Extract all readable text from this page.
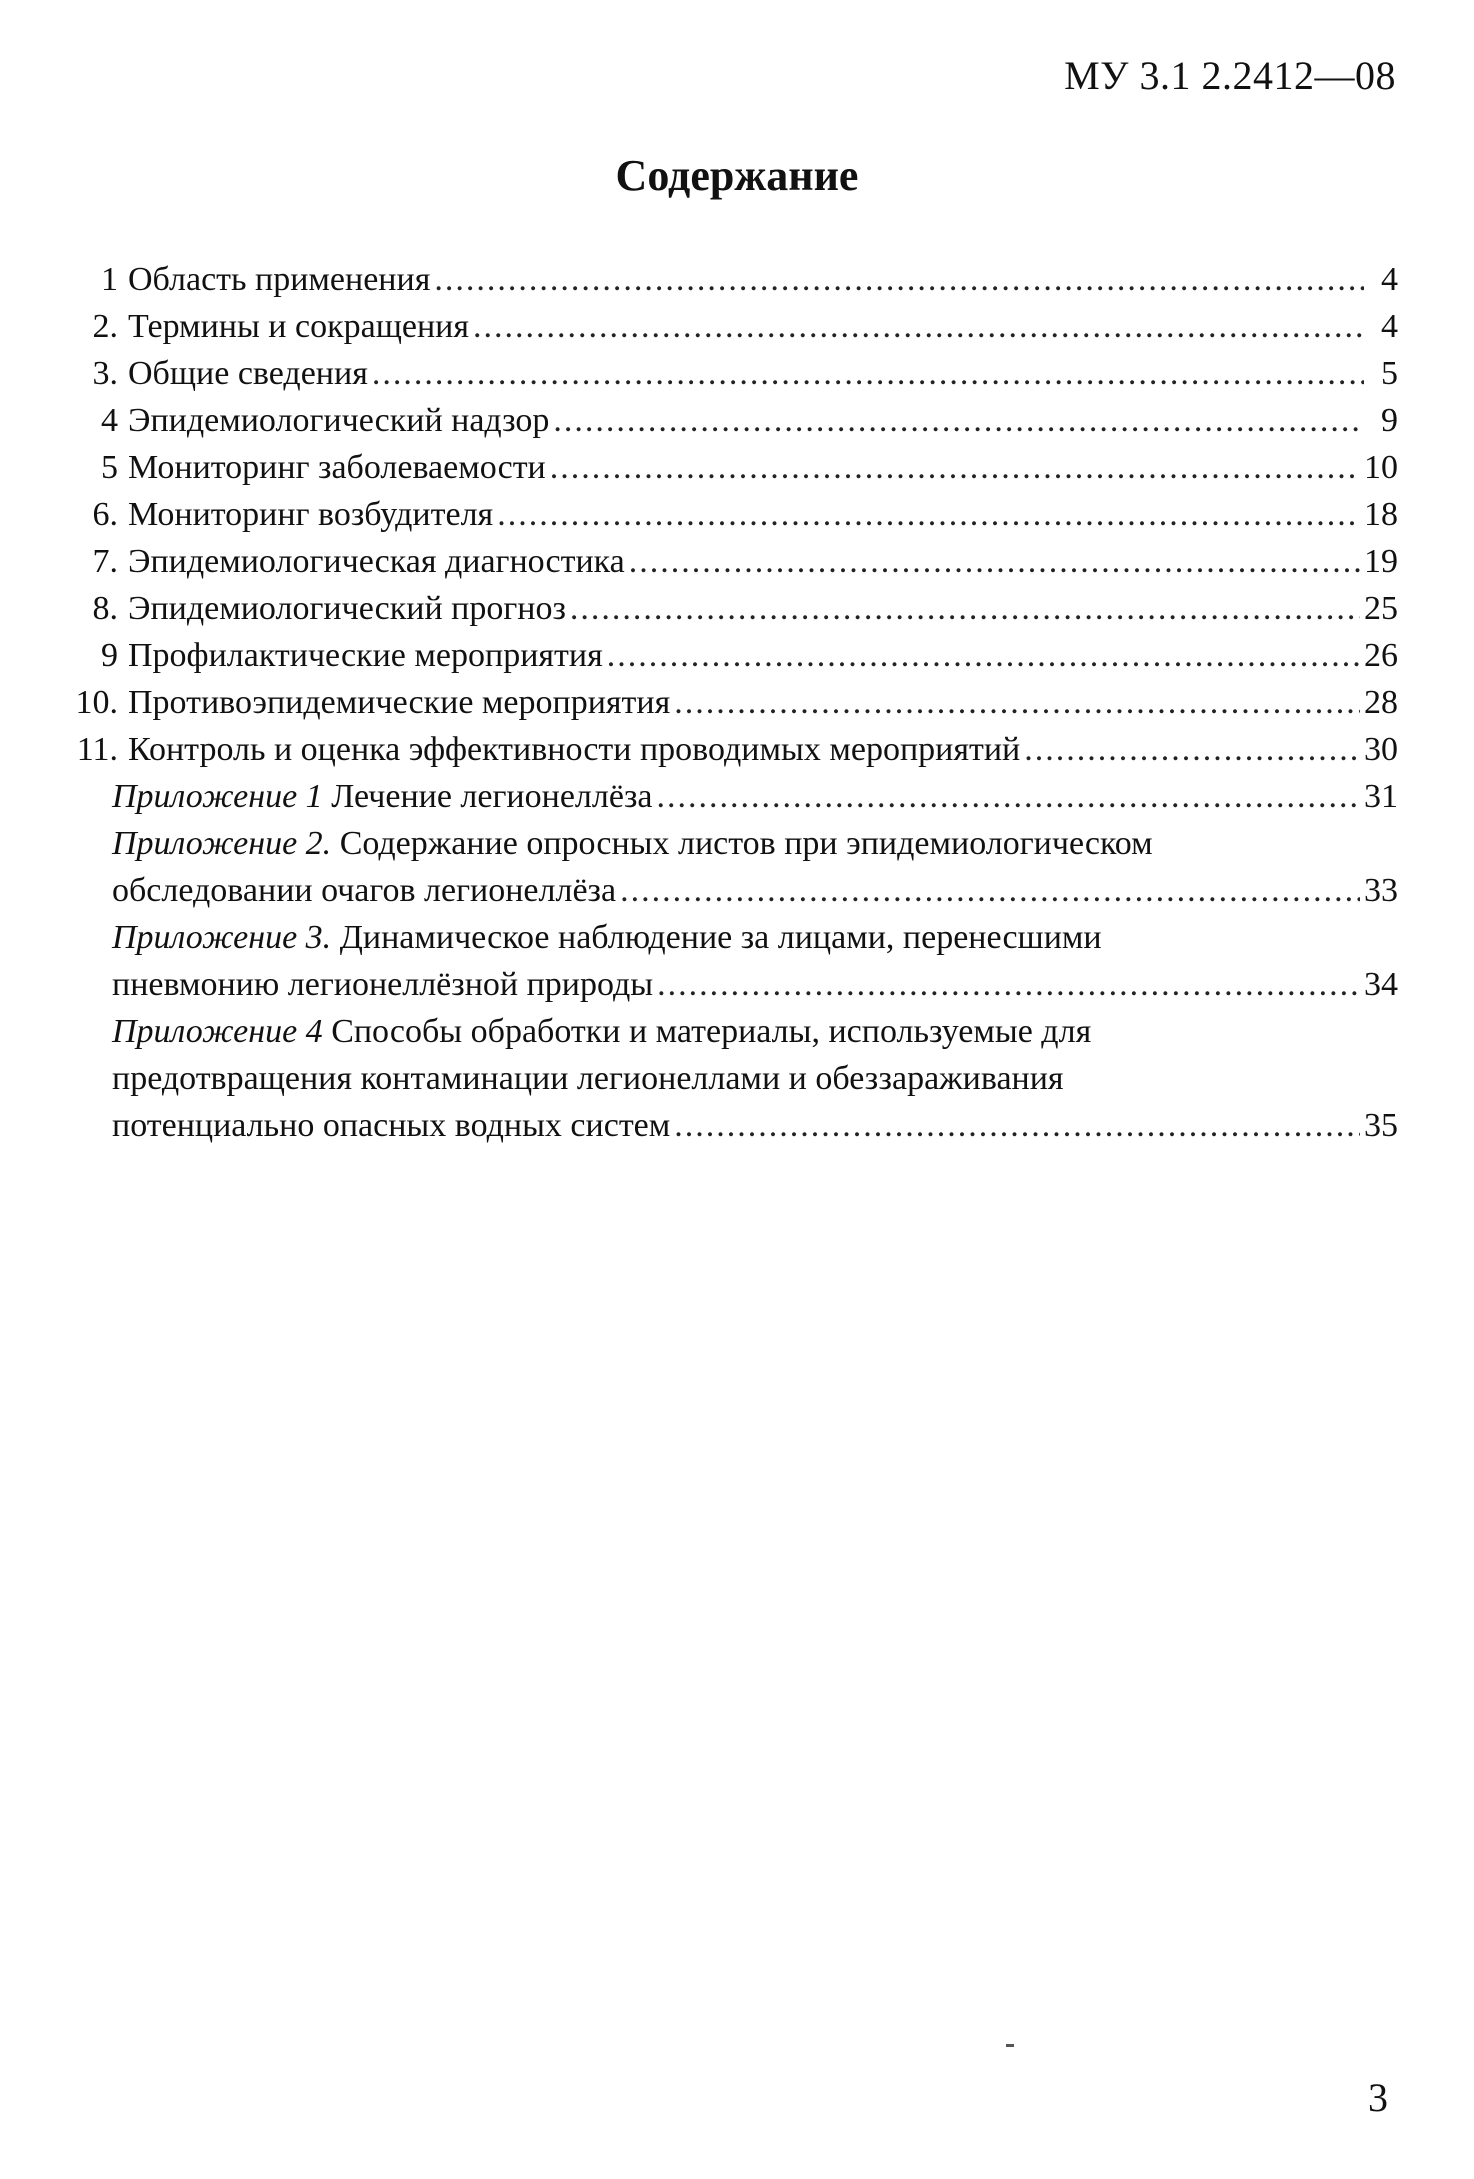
МУ 3.1 2.2412—08
Содержание
1 Область применения .....	4
2. Термины и сокращения .....	4
3. Общие сведения .....	5
4 Эпидемиологический надзор .....	9
5 Мониторинг заболеваемости .....	10
6. Мониторинг возбудителя .....	18
7. Эпидемиологическая диагностика .....	19
8. Эпидемиологический прогноз .....	25
9 Профилактические мероприятия .....	26
10. Противоэпидемические мероприятия .....	28
11. Контроль и оценка эффективности проводимых мероприятий .....	30
Приложение 1 Лечение легионеллёза .....	31
Приложение 2. Содержание опросных листов при эпидемиологическом
обследовании очагов легионеллёза .....	33
Приложение 3. Динамическое наблюдение за лицами, перенесшими
пневмонию легионеллёзной природы .....	34
Приложение 4 Способы обработки и материалы, используемые для
предотвращения контаминации легионеллами и обеззараживания
потенциально опасных водных систем .....	35
3
